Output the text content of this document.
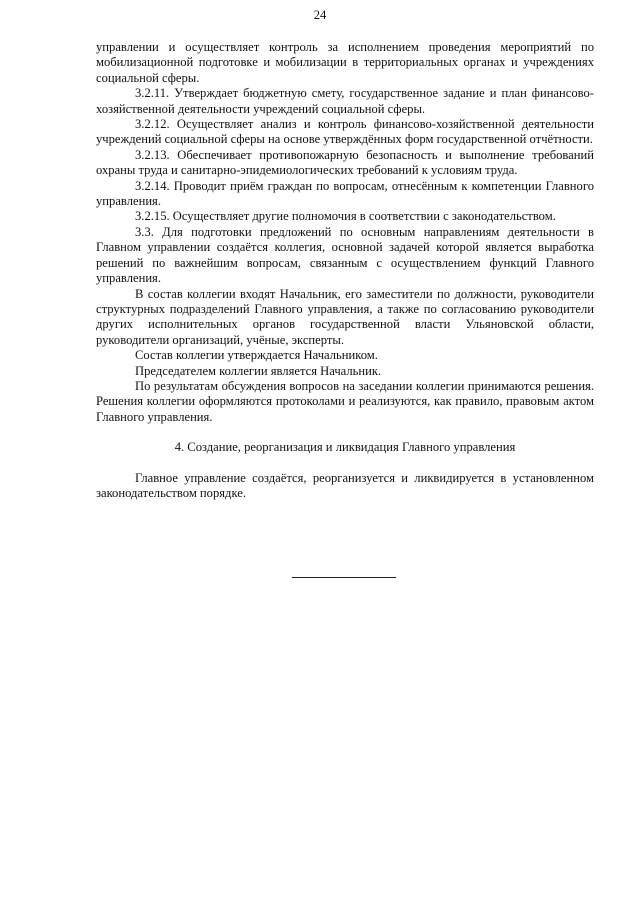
24

управлении и осуществляет контроль за исполнением проведения мероприятий по мобилизационной подготовке и мобилизации в территориальных органах и учреждениях социальной сферы.

3.2.11. Утверждает бюджетную смету, государственное задание и план финансово-хозяйственной деятельности учреждений социальной сферы.

3.2.12. Осуществляет анализ и контроль финансово-хозяйственной деятельности учреждений социальной сферы на основе утверждённых форм государственной отчётности.

3.2.13. Обеспечивает противопожарную безопасность и выполнение требований охраны труда и санитарно-эпидемиологических требований к условиям труда.

3.2.14. Проводит приём граждан по вопросам, отнесённым к компетенции Главного управления.

3.2.15. Осуществляет другие полномочия в соответствии с законодательством.

3.3. Для подготовки предложений по основным направлениям деятельности в Главном управлении создаётся коллегия, основной задачей которой является выработка решений по важнейшим вопросам, связанным с осуществлением функций Главного управления.

В состав коллегии входят Начальник, его заместители по должности, руководители структурных подразделений Главного управления, а также по согласованию руководители других исполнительных органов государственной власти Ульяновской области, руководители организаций, учёные, эксперты.

Состав коллегии утверждается Начальником.

Председателем коллегии является Начальник.

По результатам обсуждения вопросов на заседании коллегии принимаются решения. Решения коллегии оформляются протоколами и реализуются, как правило, правовым актом Главного управления.

4. Создание, реорганизация и ликвидация Главного управления

Главное управление создаётся, реорганизуется и ликвидируется в установленном законодательством порядке.
